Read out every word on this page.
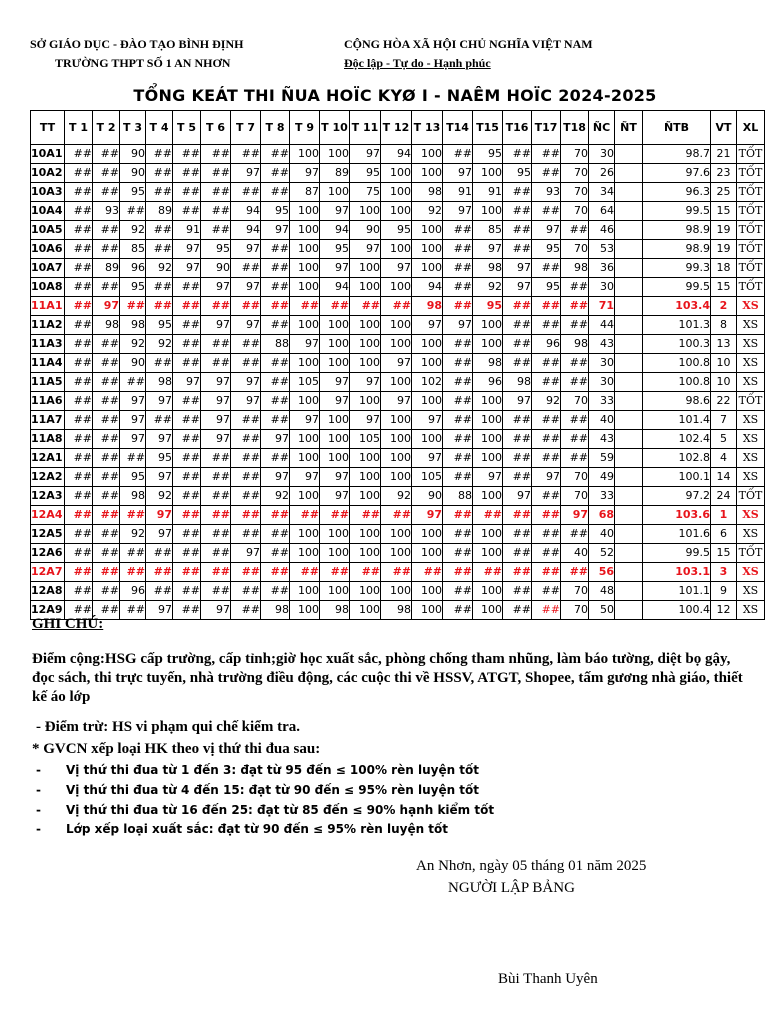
SỞ GIÁO DỤC - ĐÀO TẠO BÌNH ĐỊNH
TRƯỜNG THPT SỐ 1 AN NHƠN
CỘNG HÒA XÃ HỘI CHỦ NGHĨA VIỆT NAM
Độc lập - Tự do - Hạnh phúc
TỔNG KEÁT THI ÑUA HOÏC KYØ I - NAÊM HOÏC 2024-2025
TT	T 1	T 2	T 3	T 4	T 5	T 6	T 7	T 8	T 9	T 10	T 11	T 12	T 13	T14	T15	T16	T17	T18	ÑC	ÑT	ÑTB	VT	XL
10A1	##	##	90	##	##	##	##	##	100	100	97	94	100	##	95	##	##	70	30		98.7	21	TỐT
10A2	##	##	90	##	##	##	97	##	97	89	95	100	100	97	100	95	##	70	26		97.6	23	TỐT
10A3	##	##	95	##	##	##	##	##	87	100	75	100	98	91	91	##	93	70	34		96.3	25	TỐT
10A4	##	93	##	89	##	##	94	95	100	97	100	100	92	97	100	##	##	70	64		99.5	15	TỐT
10A5	##	##	92	##	91	##	94	97	100	94	90	95	100	##	85	##	97	##	46		98.9	19	TỐT
10A6	##	##	85	##	97	95	97	##	100	95	97	100	100	##	97	##	95	70	53		98.9	19	TỐT
10A7	##	89	96	92	97	90	##	##	100	97	100	97	100	##	98	97	##	98	36		99.3	18	TỐT
10A8	##	##	95	##	##	97	97	##	100	94	100	100	94	##	92	97	95	##	30		99.5	15	TỐT
11A1	##	97	##	##	##	##	##	##	##	##	##	##	98	##	95	##	##	##	71		103.4	2	XS
11A2	##	98	98	95	##	97	97	##	100	100	100	100	97	97	100	##	##	##	44		101.3	8	XS
11A3	##	##	92	92	##	##	##	88	97	100	100	100	100	##	100	##	96	98	43		100.3	13	XS
11A4	##	##	90	##	##	##	##	##	100	100	100	97	100	##	98	##	##	##	30		100.8	10	XS
11A5	##	##	##	98	97	97	97	##	105	97	97	100	102	##	96	98	##	##	30		100.8	10	XS
11A6	##	##	97	97	##	97	97	##	100	97	100	97	100	##	100	97	92	70	33		98.6	22	TỐT
11A7	##	##	97	##	##	97	##	##	97	100	97	100	97	##	100	##	##	##	40		101.4	7	XS
11A8	##	##	97	97	##	97	##	97	100	100	105	100	100	##	100	##	##	##	43		102.4	5	XS
12A1	##	##	##	95	##	##	##	##	100	100	100	100	97	##	100	##	##	##	59		102.8	4	XS
12A2	##	##	95	97	##	##	##	97	97	97	100	100	105	##	97	##	97	70	49		100.1	14	XS
12A3	##	##	98	92	##	##	##	92	100	97	100	92	90	88	100	97	##	70	33		97.2	24	TỐT
12A4	##	##	##	97	##	##	##	##	##	##	##	##	97	##	##	##	##	97	68		103.6	1	XS
12A5	##	##	92	97	##	##	##	##	100	100	100	100	100	##	100	##	##	##	40		101.6	6	XS
12A6	##	##	##	##	##	##	97	##	100	100	100	100	100	##	100	##	##	40	52		99.5	15	TỐT
12A7	##	##	##	##	##	##	##	##	##	##	##	##	##	##	##	##	##	##	56		103.1	3	XS
12A8	##	##	96	##	##	##	##	##	100	100	100	100	100	##	100	##	##	70	48		101.1	9	XS
12A9	##	##	##	97	##	97	##	98	100	98	100	98	100	##	100	##	##	70	50		100.4	12	XS
GHI CHÚ:
Điểm cộng:HSG cấp trường, cấp tỉnh;giờ học xuất sắc, phòng chống tham nhũng, làm báo tường, diệt bọ gậy, đọc sách, thi trực tuyến, nhà trường điều động, các cuộc thi về HSSV, ATGT, Shopee, tấm gương nhà giáo, thiết kế áo lớp
- Điểm trừ: HS vi phạm qui chế kiểm tra.
* GVCN xếp loại HK theo vị thứ thi đua sau:
- Vị thứ thi đua từ 1 đến 3: đạt từ 95 đến ≤ 100% rèn luyện tốt
- Vị thứ thi đua từ 4 đến 15: đạt từ 90 đến ≤ 95% rèn luyện tốt
- Vị thứ thi đua từ 16 đến 25: đạt từ 85 đến ≤ 90% hạnh kiểm tốt
- Lớp xếp loại xuất sắc: đạt từ 90 đến ≤ 95% rèn luyện tốt
An Nhơn, ngày 05 tháng 01 năm 2025
NGƯỜI LẬP BẢNG
Bùi Thanh Uyên
